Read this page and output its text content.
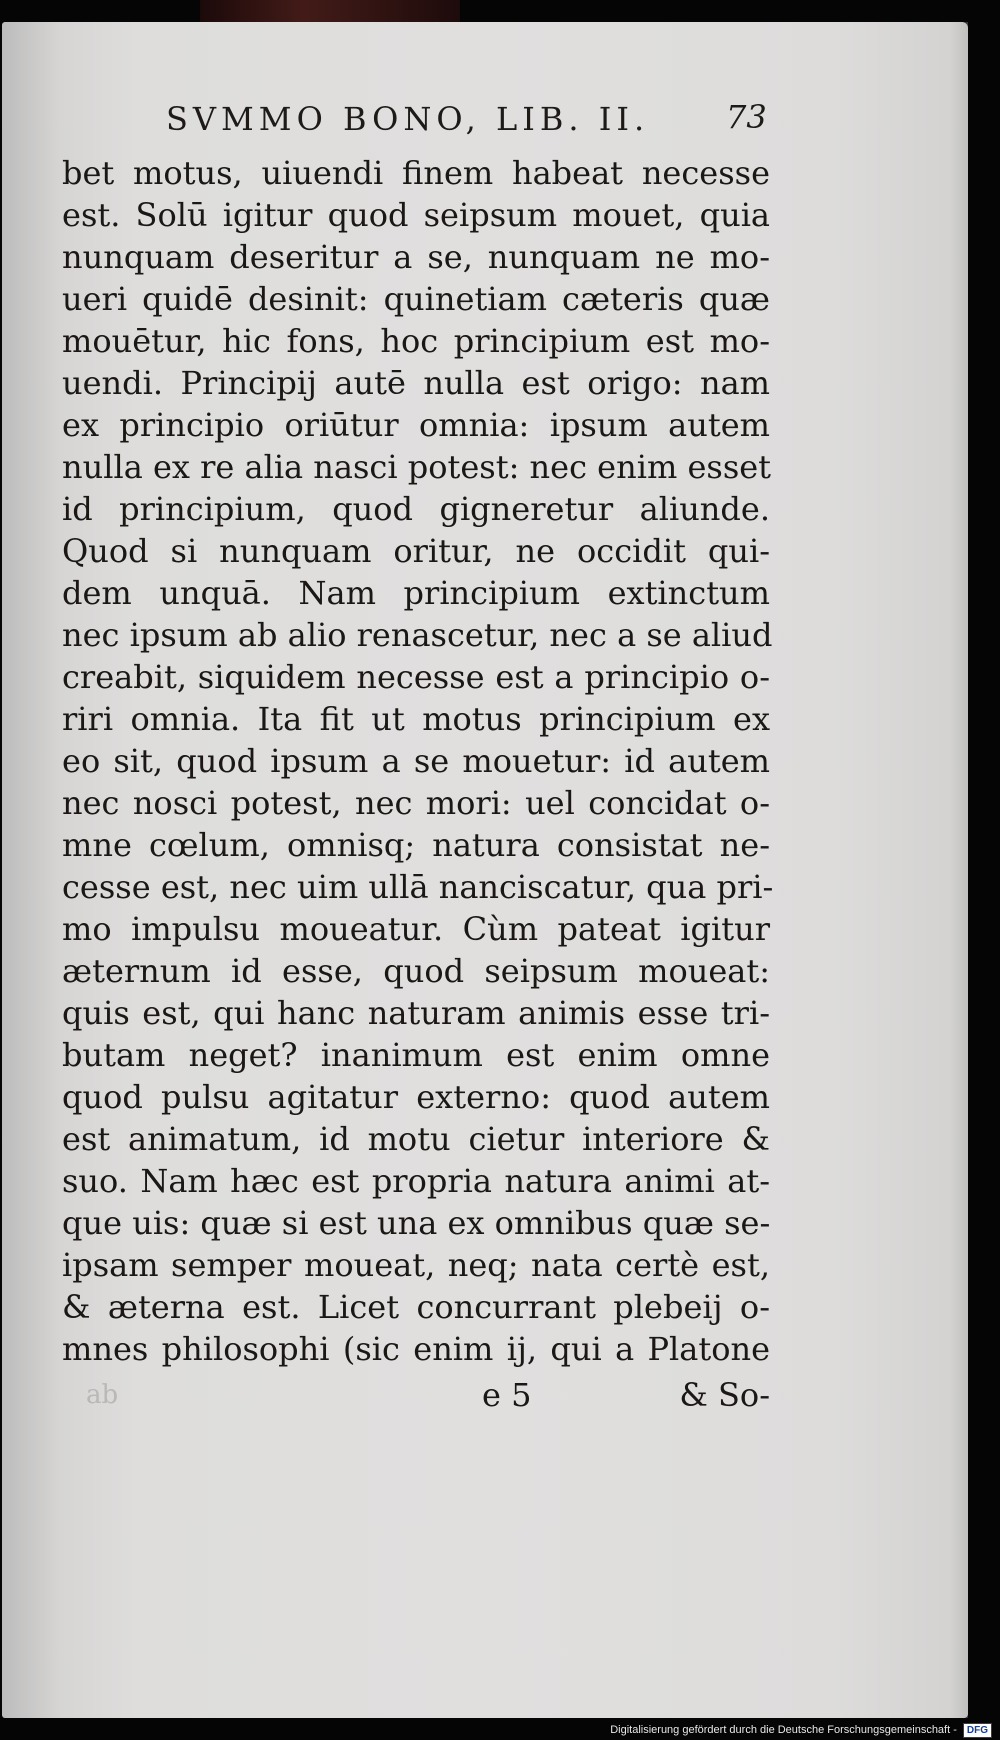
SVMMO BONO, LIB. II.	73
bet motus, uiuendi finem habeat necesse
est. Solū igitur quod seipsum mouet, quia
nunquam deseritur a se, nunquam ne mo-
ueri quidē desinit: quinetiam cæteris quæ
mouētur, hic fons, hoc principium est mo-
uendi. Principij autē nulla est origo: nam
ex principio oriūtur omnia: ipsum autem
nulla ex re alia nasci potest: nec enim esset
id principium, quod gigneretur aliunde.
Quod si nunquam oritur, ne occidit qui-
dem unquā. Nam principium extinctum
nec ipsum ab alio renascetur, nec a se aliud
creabit, siquidem necesse est a principio o-
riri omnia. Ita fit ut motus principium ex
eo sit, quod ipsum a se mouetur: id autem
nec nosci potest, nec mori: uel concidat o-
mne cœlum, omnisq; natura consistat ne-
cesse est, nec uim ullā nanciscatur, qua pri-
mo impulsu moueatur. Cùm pateat igitur
æternum id esse, quod seipsum moueat:
quis est, qui hanc naturam animis esse tri-
butam neget? inanimum est enim omne
quod pulsu agitatur externo: quod autem
est animatum, id motu cietur interiore &
suo. Nam hæc est propria natura animi at-
que uis: quæ si est una ex omnibus quæ se-
ipsam semper moueat, neq; nata certè est,
& æterna est. Licet concurrant plebeij o-
mnes philosophi (sic enim ij, qui a Platone
ab	e 5	& So-
Digitalisierung gefördert durch die Deutsche Forschungsgemeinschaft -	DFG
